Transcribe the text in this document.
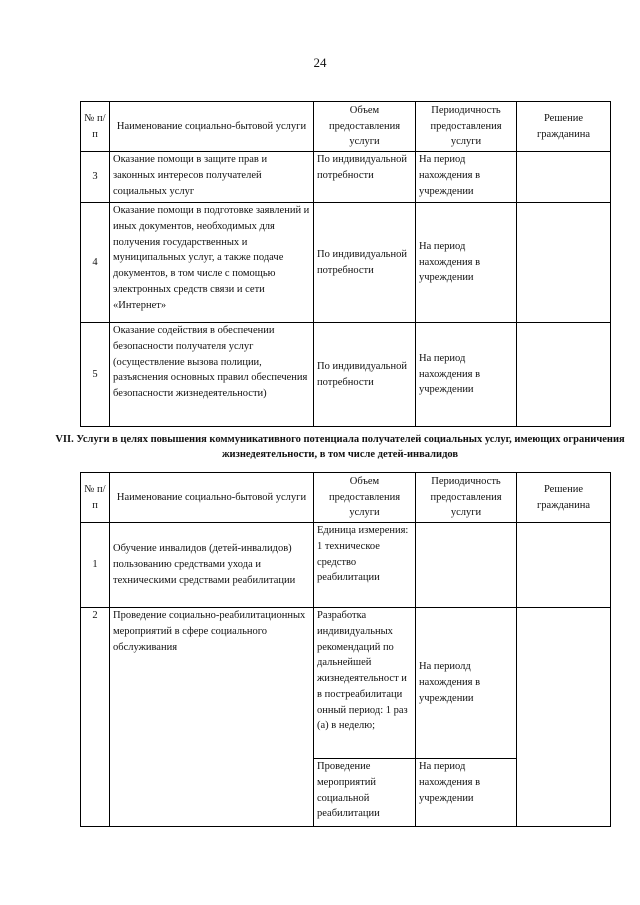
24
№ п/п	Наименование социально-бытовой услуги	Объем предоставления услуги	Периодичность предоставления услуги	Решение гражданина
3	Оказание помощи в защите прав и законных интересов получателей социальных услуг	По индивидуальной потребности	На период нахождения в учреждении	
4	Оказание помощи в подготовке заявлений и иных документов, необходимых для получения государственных и муниципальных услуг, а также подаче документов, в том числе с помощью электронных средств связи и сети «Интернет»	По индивидуальной потребности	На период нахождения в учреждении	
5	Оказание содействия в обеспечении безопасности получателя услуг (осуществление вызова полиции, разъяснения основных правил обеспечения безопасности жизнедеятельности)	По индивидуальной потребности	На период нахождения в учреждении	
VII. Услуги в целях повышения коммуникативного потенциала получателей социальных услуг, имеющих ограничения жизнедеятельности, в том числе детей-инвалидов
№ п/п	Наименование социально-бытовой услуги	Объем предоставления услуги	Периодичность предоставления услуги	Решение гражданина
1	Обучение инвалидов (детей-инвалидов) пользованию средствами ухода и техническими средствами реабилитации	Единица измерения: 1 техническое средство реабилитации		
2	Проведение социально-реабилитационных мероприятий в сфере социального обслуживания	Разработка индивидуальных рекомендаций по дальнейшей жизнедеятельност и в постреабилитаци онный период: 1 раз (а) в неделю;	На периолд нахождения в учреждении	
		Проведение мероприятий социальной реабилитации	На период нахождения в учреждении	
